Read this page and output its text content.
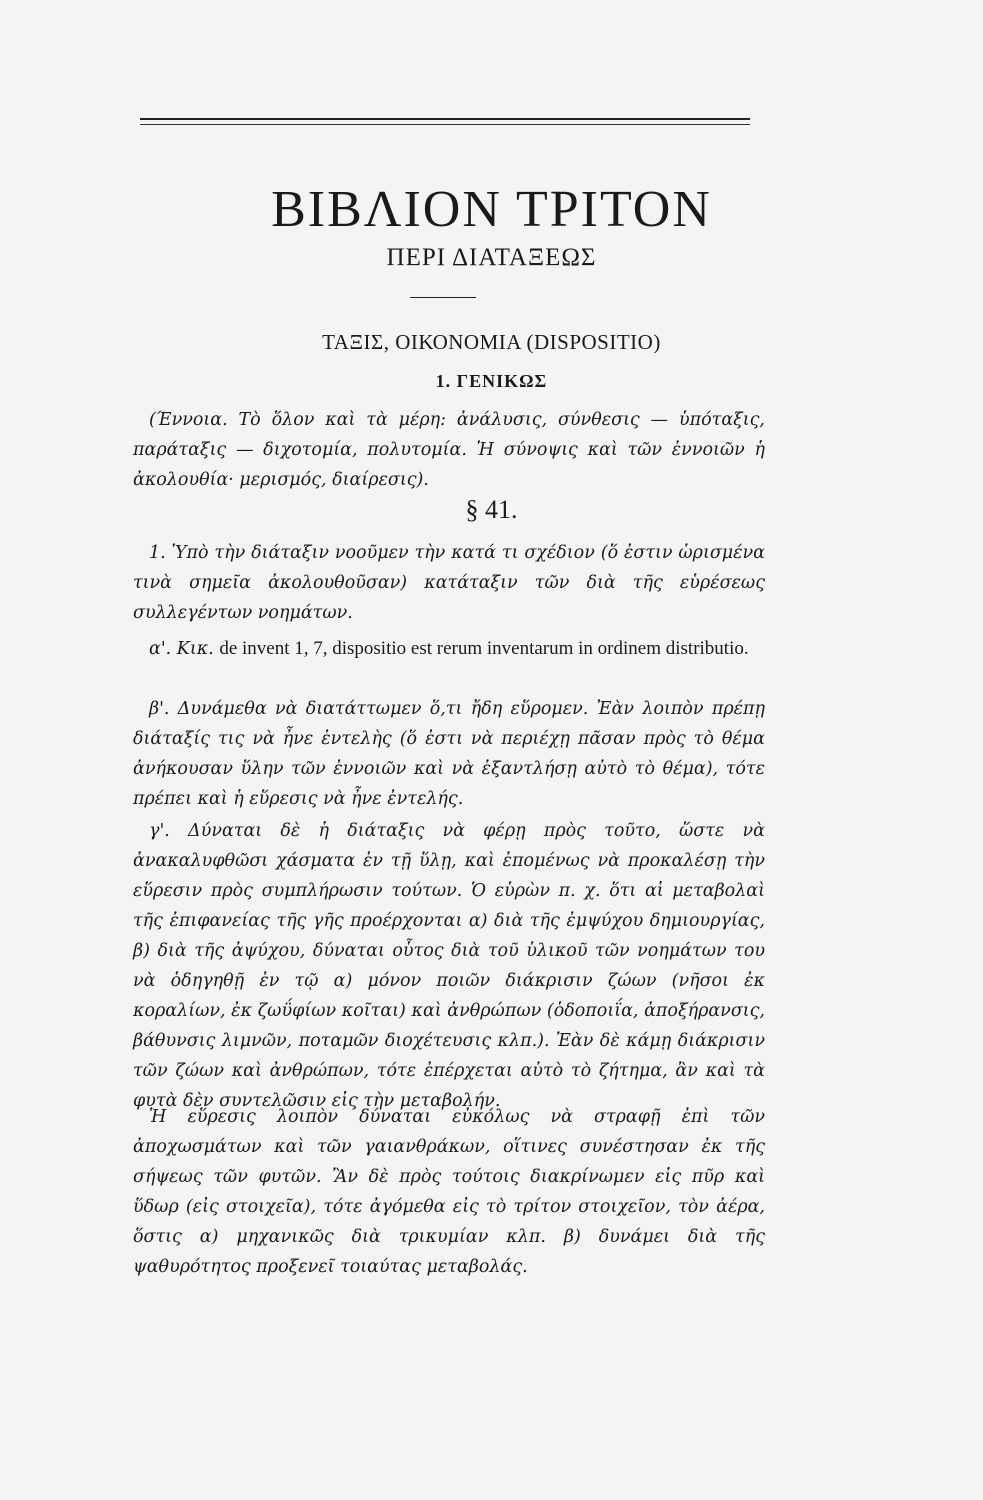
ΒΙΒΛΙΟΝ ΤΡΙΤΟΝ
ΠΕΡΙ ΔΙΑΤΑΞΕΩΣ
ΤΑΞΙΣ, ΟΙΚΟΝΟΜΙΑ (DISPOSITIO)
1. ΓΕΝΙΚΩΣ
(Έννοια. Τὸ ὅλον καὶ τὰ μέρη: ἀνάλυσις, σύνθεσις — ὑπόταξις, παράταξις — διχοτομία, πολυτομία. Ἡ σύνοψις καὶ τῶν ἐννοιῶν ἡ ἀκολουθία· μερισμός, διαίρεσις).
§ 41.
1. Ὑπὸ τὴν διάταξιν νοοῦμεν τὴν κατά τι σχέδιον (ὅ ἐστιν ὡρισμένα τινὰ σημεῖα ἀκολουθοῦσαν) κατάταξιν τῶν διὰ τῆς εὑρέσεως συλλεγέντων νοημάτων.
α'. Κικ. de invent 1, 7, dispositio est rerum inventarum in ordinem distributio.
β'. Δυνάμεθα νὰ διατάττωμεν ὅ,τι ἤδη εὕρομεν. Ἐὰν λοιπὸν πρέπῃ διάταξίς τις νὰ ἦνε ἐντελὴς (ὅ ἐστι νὰ περιέχῃ πᾶσαν πρὸς τὸ θέμα ἀνήκουσαν ὕλην τῶν ἐννοιῶν καὶ νὰ ἐξαντλήσῃ αὐτὸ τὸ θέμα), τότε πρέπει καὶ ἡ εὕρεσις νὰ ἦνε ἐντελής.
γ'. Δύναται δὲ ἡ διάταξις νὰ φέρῃ πρὸς τοῦτο, ὥστε νὰ ἀνακαλυφθῶσι χάσματα ἐν τῇ ὕλῃ, καὶ ἐπομένως νὰ προκαλέσῃ τὴν εὕρεσιν πρὸς συμπλήρωσιν τούτων. Ὁ εὑρὼν π. χ. ὅτι αἱ μεταβολαὶ τῆς ἐπιφανείας τῆς γῆς προέρχονται α) διὰ τῆς ἐμψύχου δημιουργίας, β) διὰ τῆς ἀψύχου, δύναται οὗτος διὰ τοῦ ὑλικοῦ τῶν νοημάτων του νὰ ὁδηγηθῇ ἐν τῷ α) μόνον ποιῶν διάκρισιν ζώων (νῆσοι ἐκ κοραλίων, ἐκ ζωΰφίων κοῖται) καὶ ἀνθρώπων (ὁδοποιΐα, ἀποξήρανσις, βάθυνσις λιμνῶν, ποταμῶν διοχέτευσις κλπ.). Ἐὰν δὲ κάμῃ διάκρισιν τῶν ζώων καὶ ἀνθρώπων, τότε ἐπέρχεται αὐτὸ τὸ ζήτημα, ἂν καὶ τὰ φυτὰ δὲν συντελῶσιν εἰς τὴν μεταβολήν.
Ἡ εὕρεσις λοιπὸν δύναται εὐκόλως νὰ στραφῇ ἐπὶ τῶν ἀποχωσμάτων καὶ τῶν γαιανθράκων, οἵτινες συνέστησαν ἐκ τῆς σήψεως τῶν φυτῶν. Ἂν δὲ πρὸς τούτοις διακρίνωμεν εἰς πῦρ καὶ ὕδωρ (εἰς στοιχεῖα), τότε ἀγόμεθα εἰς τὸ τρίτον στοιχεῖον, τὸν ἀέρα, ὅστις α) μηχανικῶς διὰ τρικυμίαν κλπ. β) δυνάμει διὰ τῆς ψαθυρότητος προξενεῖ τοιαύτας μεταβολάς.
